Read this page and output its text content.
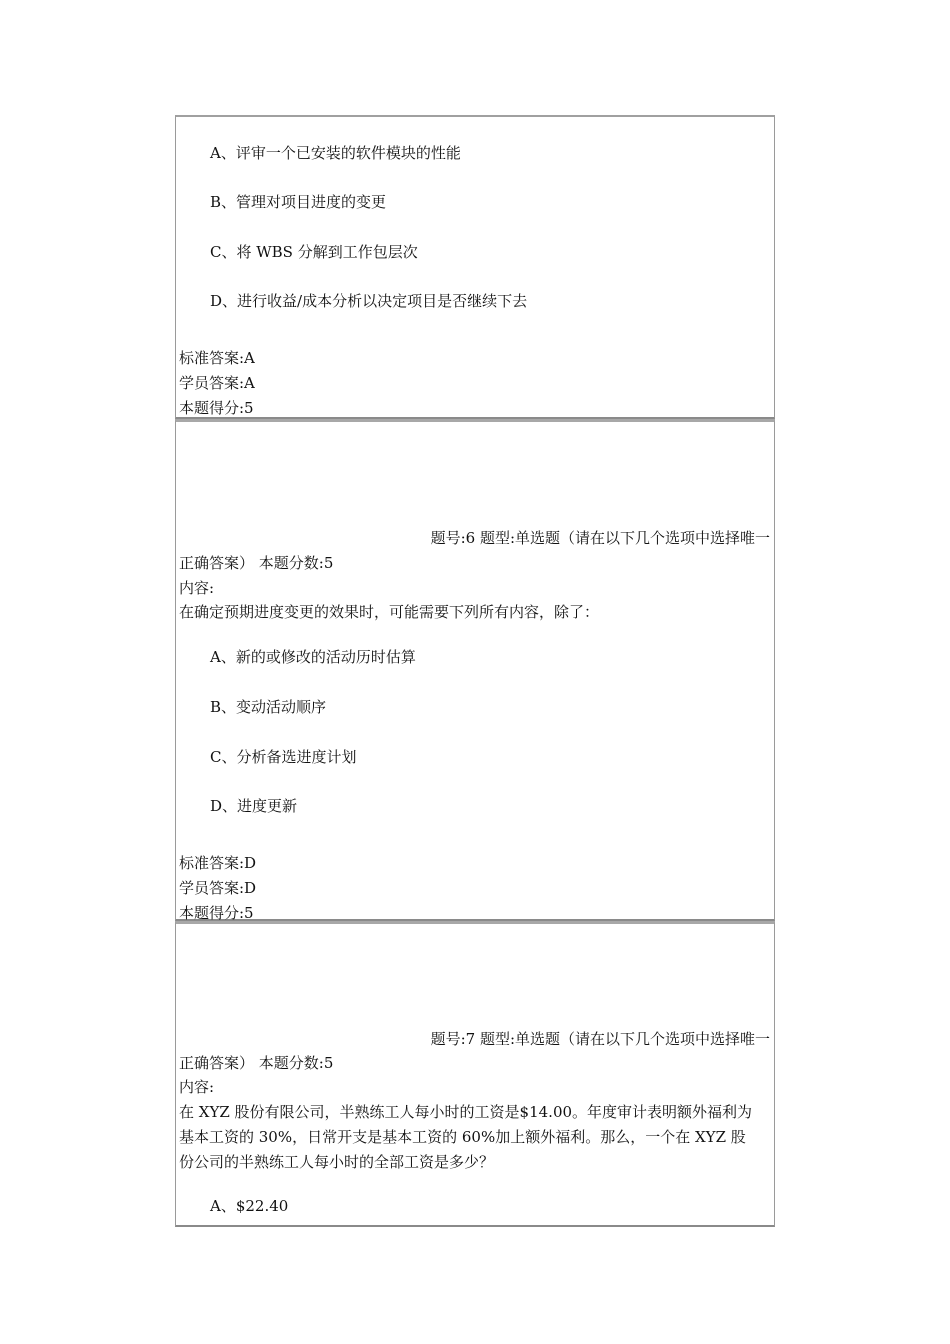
A、评审一个已安装的软件模块的性能
B、管理对项目进度的变更
C、将 WBS 分解到工作包层次
D、进行收益/成本分析以决定项目是否继续下去
标准答案:A
学员答案:A
本题得分:5
题号:6 题型:单选题（请在以下几个选项中选择唯一
正确答案） 本题分数:5
内容:
在确定预期进度变更的效果时，可能需要下列所有内容，除了：
A、新的或修改的活动历时估算
B、变动活动顺序
C、分析备选进度计划
D、进度更新
标准答案:D
学员答案:D
本题得分:5
题号:7 题型:单选题（请在以下几个选项中选择唯一
正确答案） 本题分数:5
内容:
在 XYZ 股份有限公司，半熟练工人每小时的工资是$14.00。年度审计表明额外福利为
基本工资的 30%，日常开支是基本工资的 60%加上额外福利。那么，一个在 XYZ 股
份公司的半熟练工人每小时的全部工资是多少？
A、$22.40
